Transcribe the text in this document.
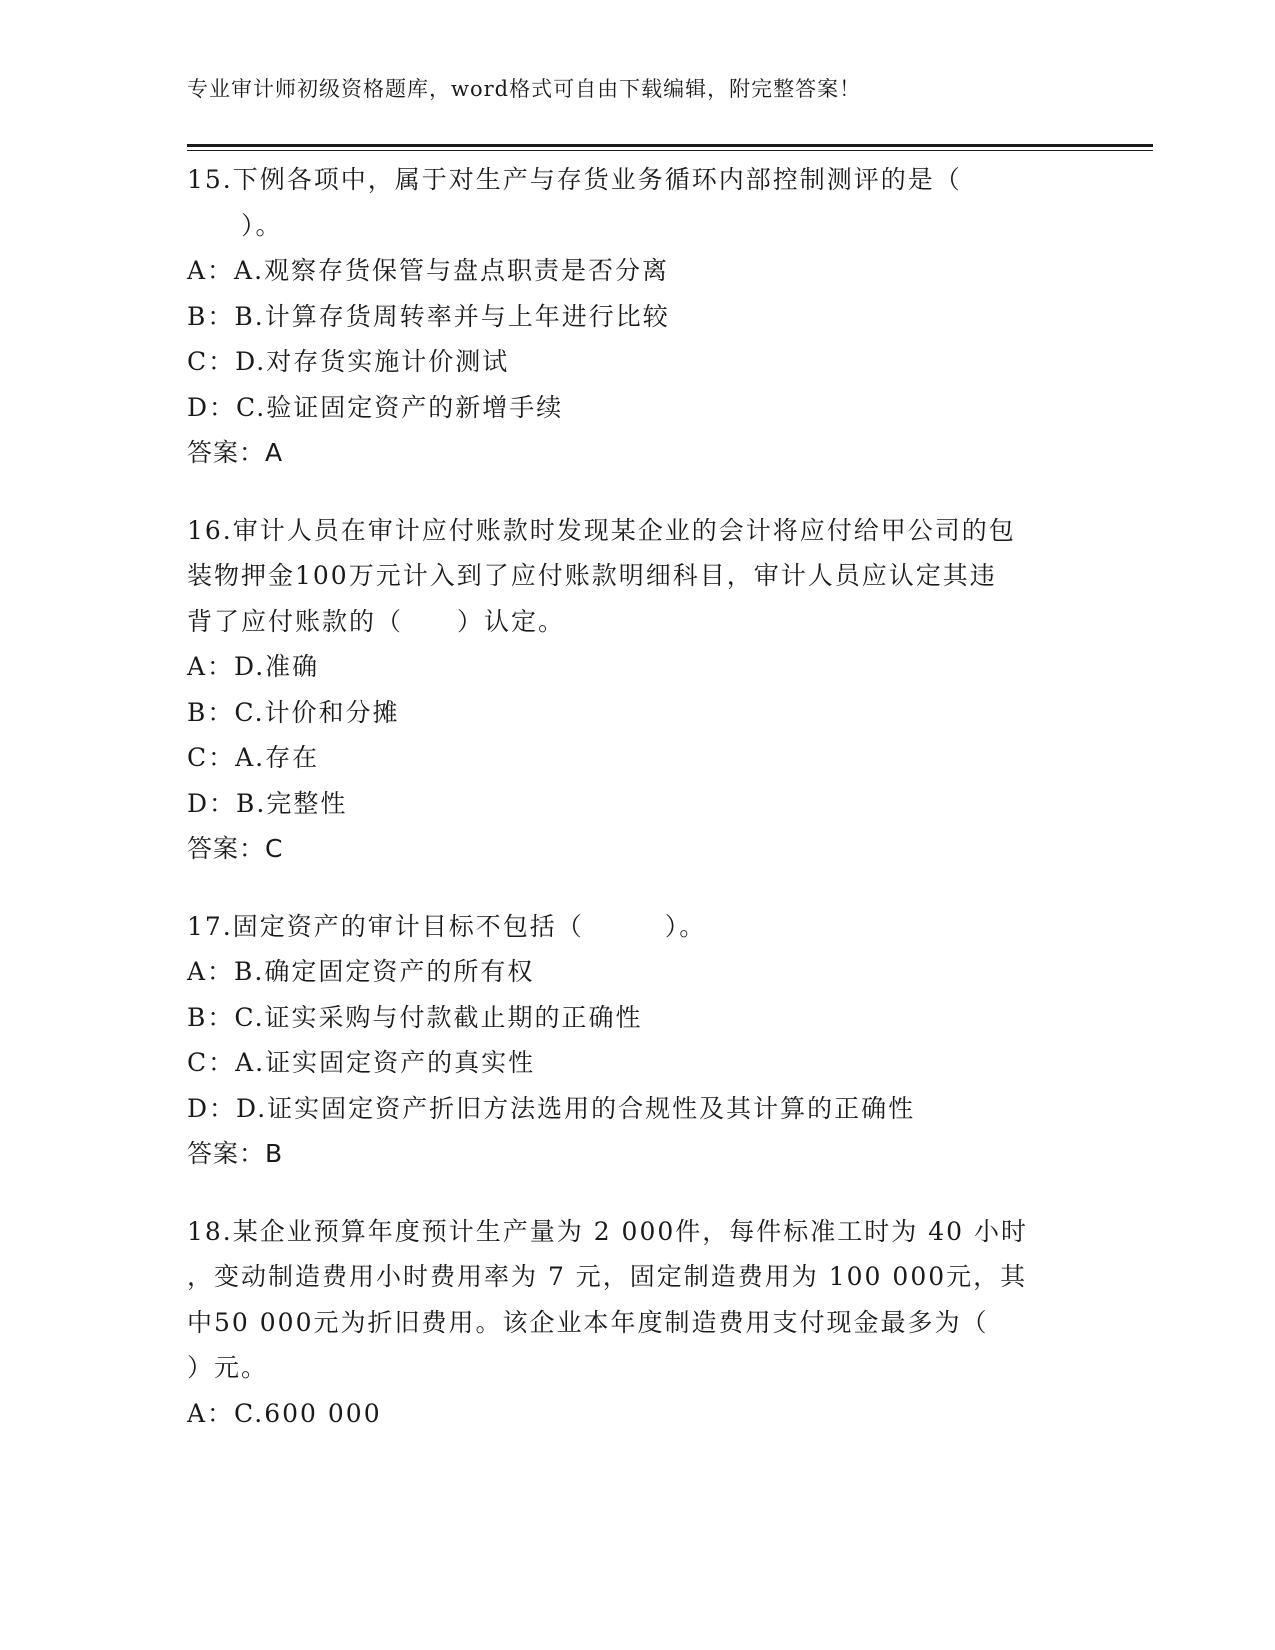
专业审计师初级资格题库，word格式可自由下载编辑，附完整答案！
15.下例各项中，属于对生产与存货业务循环内部控制测评的是（
　　）。
A：A.观察存货保管与盘点职责是否分离
B：B.计算存货周转率并与上年进行比较
C：D.对存货实施计价测试
D：C.验证固定资产的新增手续
答案：A
16.审计人员在审计应付账款时发现某企业的会计将应付给甲公司的包
装物押金100万元计入到了应付账款明细科目，审计人员应认定其违
背了应付账款的（　　）认定。
A：D.准确
B：C.计价和分摊
C：A.存在
D：B.完整性
答案：C
17.固定资产的审计目标不包括（　　　）。
A：B.确定固定资产的所有权
B：C.证实采购与付款截止期的正确性
C：A.证实固定资产的真实性
D：D.证实固定资产折旧方法选用的合规性及其计算的正确性
答案：B
18.某企业预算年度预计生产量为 2 000件，每件标准工时为 40 小时
，变动制造费用小时费用率为 7 元，固定制造费用为 100 000元，其
中50 000元为折旧费用。该企业本年度制造费用支付现金最多为（
）元。
A：C.600 000
